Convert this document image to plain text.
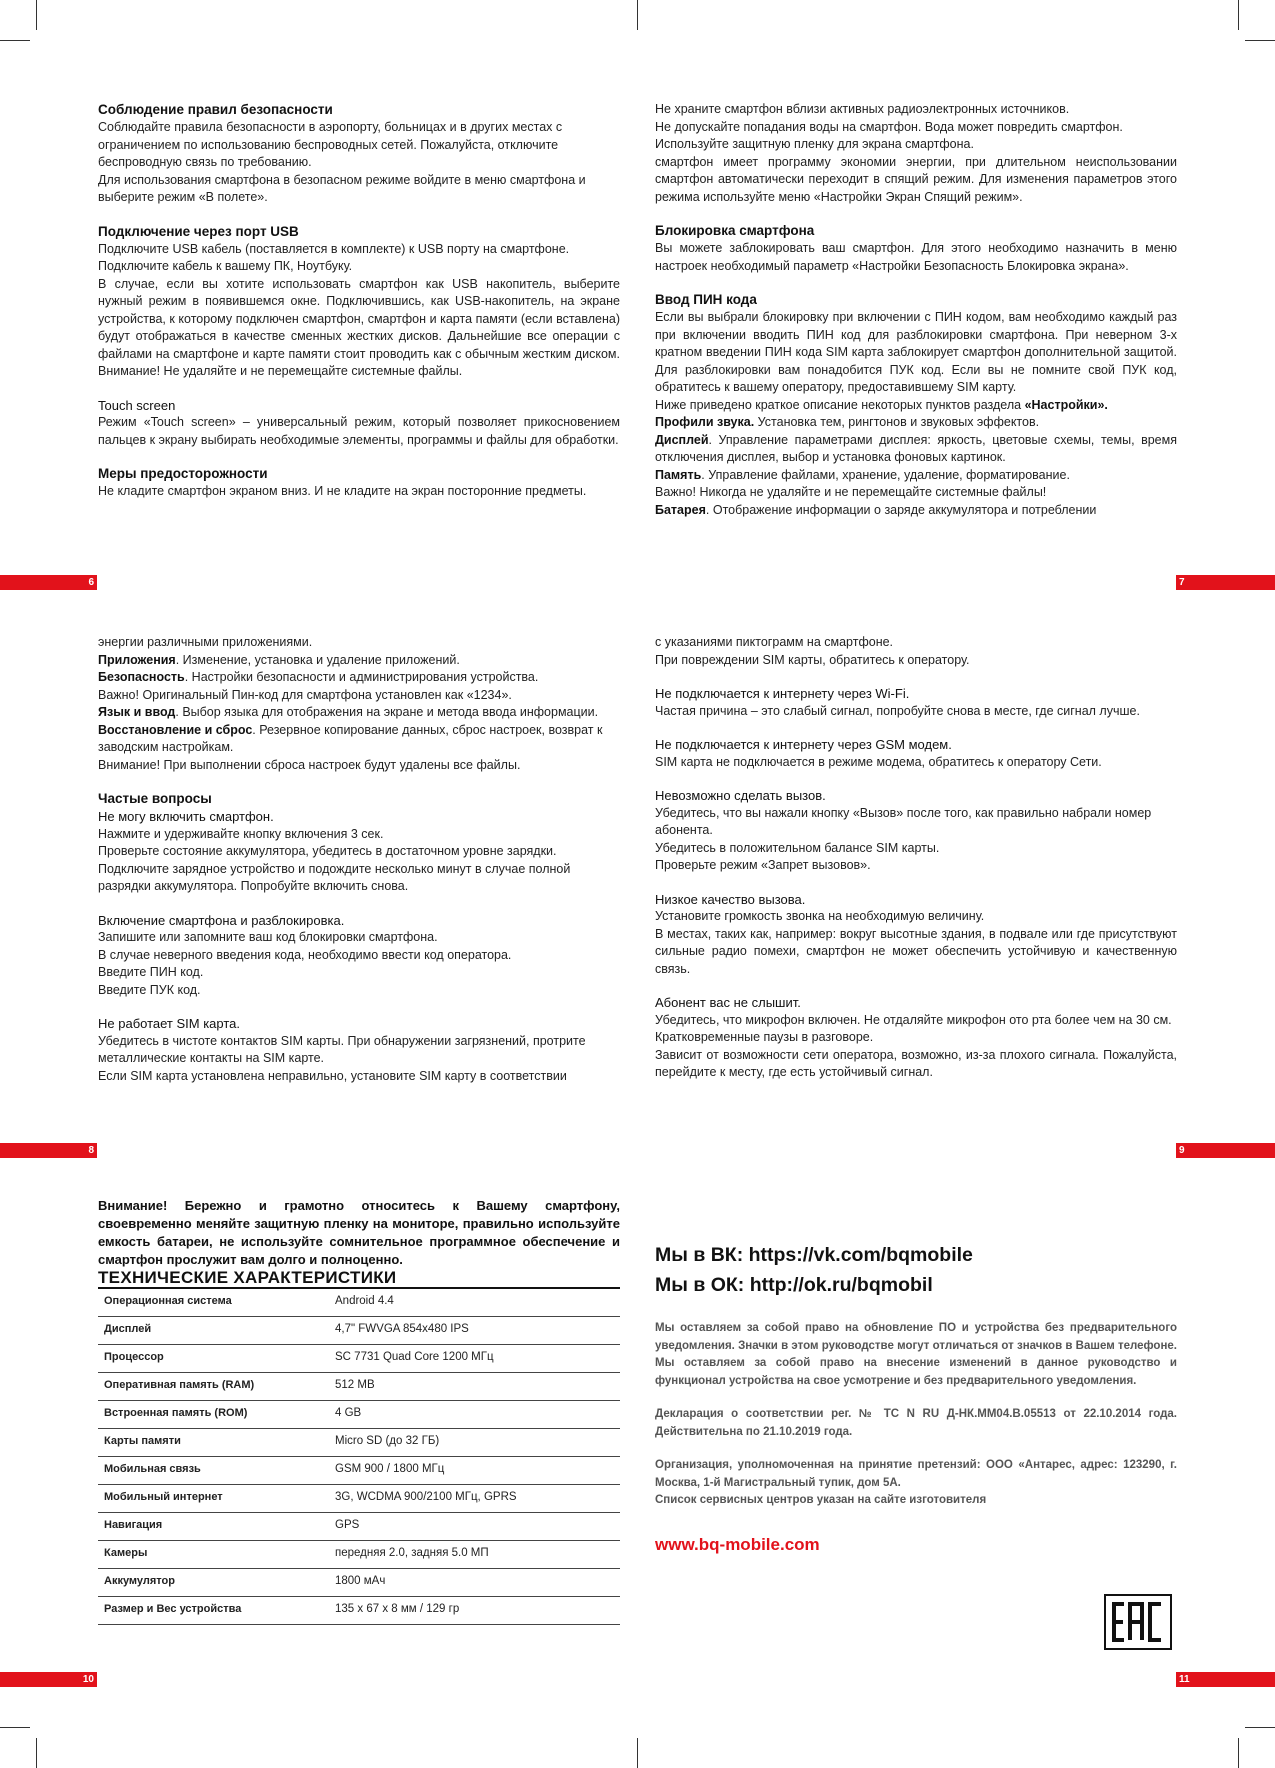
Соблюдение правил безопасности

Соблюдайте правила безопасности в аэропорту, больницах и в других местах с ограничением по использованию беспроводных сетей. Пожалуйста, отключите беспроводную связь по требованию.

Для использования смартфона в безопасном режиме войдите в меню смартфона и выберите режим «В полете».

Подключение через порт USB

Подключите USB кабель (поставляется в комплекте) к USB порту на смартфоне. Подключите кабель к вашему ПК, Ноутбуку.

В случае, если вы хотите использовать смартфон как USB накопитель, выберите нужный режим в появившемся окне. Подключившись, как USB-накопитель, на экране устройства, к которому подключен смартфон, смартфон и карта памяти (если вставлена) будут отображаться в качестве сменных жестких дисков. Дальнейшие все операции с файлами на смартфоне и карте памяти стоит проводить как с обычным жестким диском. Внимание! Не удаляйте и не перемещайте системные файлы.

Touch screen

Режим «Touch screen» – универсальный режим, который позволяет прикосновением пальцев к экрану выбирать необходимые элементы, программы и файлы для обработки.

Меры предосторожности

Не кладите смартфон экраном вниз. И не кладите на экран посторонние предметы.

6

Не храните смартфон вблизи активных радиоэлектронных источников.

Не допускайте попадания воды на смартфон. Вода может повредить смартфон.

Используйте защитную пленку для экрана смартфона.

смартфон имеет программу экономии энергии, при длительном неиспользовании смартфон автоматически переходит в спящий режим. Для изменения параметров этого режима используйте меню «Настройки Экран Спящий режим».

Блокировка смартфона

Вы можете заблокировать ваш смартфон. Для этого необходимо назначить в меню настроек необходимый параметр «Настройки Безопасность Блокировка экрана».

Ввод ПИН кода

Если вы выбрали блокировку при включении с ПИН кодом, вам необходимо каждый раз при включении вводить ПИН код для разблокировки смартфона. При неверном 3-х кратном введении ПИН кода SIM карта заблокирует смартфон дополнительной защитой. Для разблокировки вам понадобится ПУК код. Если вы не помните свой ПУК код, обратитесь к вашему оператору, предоставившему SIM карту.

Ниже приведено краткое описание некоторых пунктов раздела «Настройки».

Профили звука. Установка тем, рингтонов и звуковых эффектов.

Дисплей. Управление параметрами дисплея: яркость, цветовые схемы, темы, время отключения дисплея, выбор и установка фоновых картинок.

Память. Управление файлами, хранение, удаление, форматирование.

Важно! Никогда не удаляйте и не перемещайте системные файлы!

Батарея. Отображение информации о заряде аккумулятора и потреблении

7

энергии различными приложениями.

Приложения. Изменение, установка и удаление приложений.

Безопасность. Настройки безопасности и администрирования устройства.

Важно! Оригинальный Пин-код для смартфона установлен как «1234».

Язык и ввод. Выбор языка для отображения на экране и метода ввода информации.

Восстановление и сброс. Резервное копирование данных, сброс настроек, возврат к заводским настройкам.

Внимание! При выполнении сброса настроек будут удалены все файлы.

Частые вопросы

Не могу включить смартфон.

Нажмите и удерживайте кнопку включения 3 сек.

Проверьте состояние аккумулятора, убедитесь в достаточном уровне зарядки.

Подключите зарядное устройство и подождите несколько минут в случае полной разрядки аккумулятора. Попробуйте включить снова.

Включение смартфона и разблокировка.

Запишите или запомните ваш код блокировки смартфона.

В случае неверного введения кода, необходимо ввести код оператора.

Введите ПИН код.

Введите ПУК код.

Не работает SIM карта.

Убедитесь в чистоте контактов SIM карты. При обнаружении загрязнений, протрите металлические контакты на SIM карте.

Если SIM карта установлена неправильно, установите SIM карту в соответствии

8

с указаниями пиктограмм на смартфоне.

При повреждении SIM карты, обратитесь к оператору.

Не подключается к интернету через Wi-Fi.

Частая причина – это слабый сигнал, попробуйте снова в месте, где сигнал лучше.

Не подключается к интернету через GSM модем.

SIM карта не подключается в режиме модема, обратитесь к оператору Сети.

Невозможно сделать вызов.

Убедитесь, что вы нажали кнопку «Вызов» после того, как правильно набрали номер абонента.

Убедитесь в положительном балансе SIM карты.

Проверьте режим «Запрет вызовов».

Низкое качество вызова.

Установите громкость звонка на необходимую величину.

В местах, таких как, например: вокруг высотные здания, в подвале или где присутствуют сильные радио помехи, смартфон не может обеспечить устойчивую и качественную связь.

Абонент вас не слышит.

Убедитесь, что микрофон включен. Не отдаляйте микрофон ото рта более чем на 30 см.

Кратковременные паузы в разговоре.

Зависит от возможности сети оператора, возможно, из-за плохого сигнала. Пожалуйста, перейдите к месту, где есть устойчивый сигнал.

9

Внимание! Бережно и грамотно относитесь к Вашему смартфону, своевременно меняйте защитную пленку на мониторе, правильно используйте емкость батареи, не используйте сомнительное программное обеспечение и смартфон прослужит вам долго и полноценно.

ТЕХНИЧЕСКИЕ ХАРАКТЕРИСТИКИ

Операционная система	Android 4.4
Дисплей	4,7" FWVGA 854х480 IPS
Процессор	SC 7731 Quad Core 1200 МГц
Оперативная память (RAM)	512 MB
Встроенная память (ROM)	4 GB
Карты памяти	Micro SD (до 32 ГБ)
Мобильная связь	GSM 900 / 1800 МГц
Мобильный интернет	3G, WCDMA 900/2100 МГц, GPRS
Навигация	GPS
Камеры	передняя 2.0, задняя 5.0 МП
Аккумулятор	1800 мАч
Размер и Вес устройства	135 х 67 х 8 мм / 129 гр
10

Мы в ВК: https://vk.com/bqmobile

Мы в ОК: http://ok.ru/bqmobil

Мы оставляем за собой право на обновление ПО и устройства без предварительного уведомления. Значки в этом руководстве могут отличаться от значков в Вашем телефоне. Мы оставляем за собой право на внесение изменений в данное руководство и функционал устройства на свое усмотрение и без предварительного уведомления.

Декларация о соответствии рег. № ТС N RU Д-НК.ММ04.В.05513 от 22.10.2014 года. Действительна по 21.10.2019 года.

Организация, уполномоченная на принятие претензий: ООО «Антарес, адрес: 123290, г. Москва, 1-й Магистральный тупик, дом 5А.

Список сервисных центров указан на сайте изготовителя

www.bq-mobile.com

11
